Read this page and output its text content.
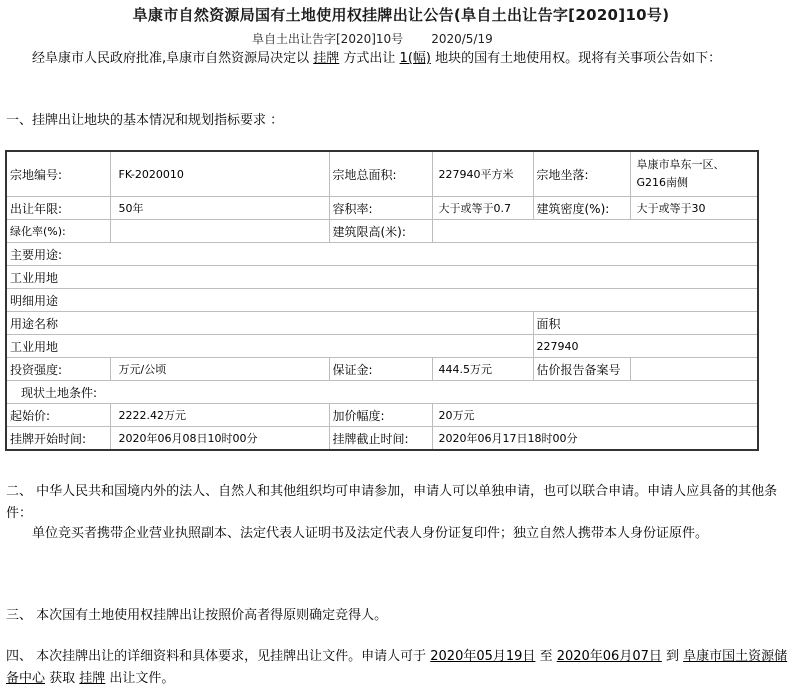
阜康市自然资源局国有土地使用权挂牌出让公告(阜自土出让告字[2020]10号)
阜自土出让告字[2020]10号 2020/5/19
经阜康市人民政府批准,阜康市自然资源局决定以 挂牌 方式出让 1(幅) 地块的国有土地使用权。现将有关事项公告如下：
一、挂牌出让地块的基本情况和规划指标要求 ：
宗地编号:	FK-2020010	宗地总面积:	227940平方米	宗地坐落:	阜康市阜东一区、G216南侧
出让年限:	50年	容积率:	大于或等于0.7	建筑密度(%):	大于或等于30
绿化率(%):		建筑限高(米):			
主要用途:					
工业用地					
明细用途					
用途名称				面积	
工业用地				227940	
投资强度:	万元/公顷	保证金:	444.5万元	估价报告备案号	
现状土地条件:					
起始价:	2222.42万元	加价幅度:	20万元		
挂牌开始时间:	2020年06月08日10时00分	挂牌截止时间:	2020年06月17日18时00分		
二、 中华人民共和国境内外的法人、自然人和其他组织均可申请参加，申请人可以单独申请，也可以联合申请。申请人应具备的其他条件：
单位竞买者携带企业营业执照副本、法定代表人证明书及法定代表人身份证复印件；独立自然人携带本人身份证原件。
三、 本次国有土地使用权挂牌出让按照价高者得原则确定竞得人。
四、 本次挂牌出让的详细资料和具体要求，见挂牌出让文件。申请人可于 2020年05月19日 至 2020年06月07日 到 阜康市国土资源储备中心 获取 挂牌 出让文件。
